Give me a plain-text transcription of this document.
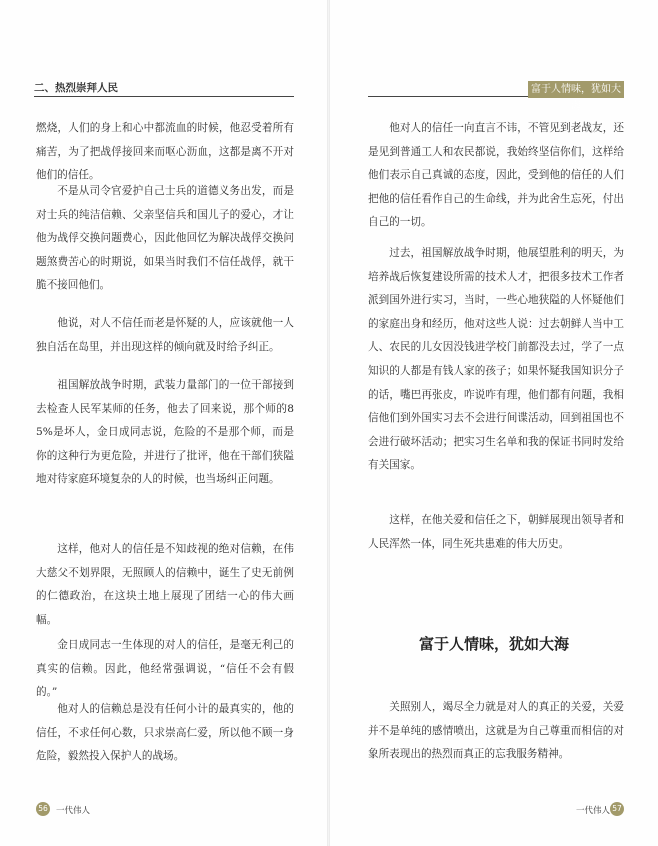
二、热烈崇拜人民

燃烧，人们的身上和心中都流血的时候，他忍受着所有痛苦，为了把战俘接回来而呕心沥血，这都是离不开对他们的信任。

不是从司令官爱护自己士兵的道德义务出发，而是对士兵的纯洁信赖、父亲坚信兵和国儿子的爱心，才让他为战俘交换问题费心，因此他回忆为解决战俘交换问题煞费苦心的时期说，如果当时我们不信任战俘，就干脆不接回他们。

他说，对人不信任而老是怀疑的人，应该就他一人独自活在岛里，并出现这样的倾向就及时给予纠正。

祖国解放战争时期，武装力量部门的一位干部接到去检查人民军某师的任务，他去了回来说，那个师的85%是坏人，金日成同志说，危险的不是那个师，而是你的这种行为更危险，并进行了批评，他在干部们狭隘地对待家庭环境复杂的人的时候，也当场纠正问题。

这样，他对人的信任是不知歧视的绝对信赖，在伟大慈父不划界限，无照顾人的信赖中，诞生了史无前例的仁德政治，在这块土地上展现了团结一心的伟大画幅。

金日成同志一生体现的对人的信任，是毫无利己的真实的信赖。因此，他经常强调说，“信任不会有假的。”

他对人的信赖总是没有任何小计的最真实的，他的信任，不求任何心数，只求崇高仁爱，所以他不顾一身危险，毅然投入保护人的战场。

56 一代伟人
富于人情味，犹如大海

他对人的信任一向直言不讳，不管见到老战友，还是见到普通工人和农民都说，我始终坚信你们，这样给他们表示自己真诚的态度，因此，受到他的信任的人们把他的信任看作自己的生命线，并为此舍生忘死，付出自己的一切。

过去，祖国解放战争时期，他展望胜利的明天，为培养战后恢复建设所需的技术人才，把很多技术工作者派到国外进行实习，当时，一些心地狭隘的人怀疑他们的家庭出身和经历，他对这些人说：过去朝鲜人当中工人、农民的儿女因没钱进学校门前都没去过，学了一点知识的人都是有钱人家的孩子；如果怀疑我国知识分子的话，嘴巴再张皮，咋说咋有理，他们都有问题，我相信他们到外国实习去不会进行间谍活动，回到祖国也不会进行破坏活动；把实习生名单和我的保证书同时发给有关国家。

这样，在他关爱和信任之下，朝鲜展现出领导者和人民浑然一体，同生死共患难的伟大历史。

富于人情味，犹如大海

关照别人，竭尽全力就是对人的真正的关爱，关爱并不是单纯的感情喷出，这就是为自己尊重而相信的对象所表现出的热烈而真正的忘我服务精神。

一代伟人 57
